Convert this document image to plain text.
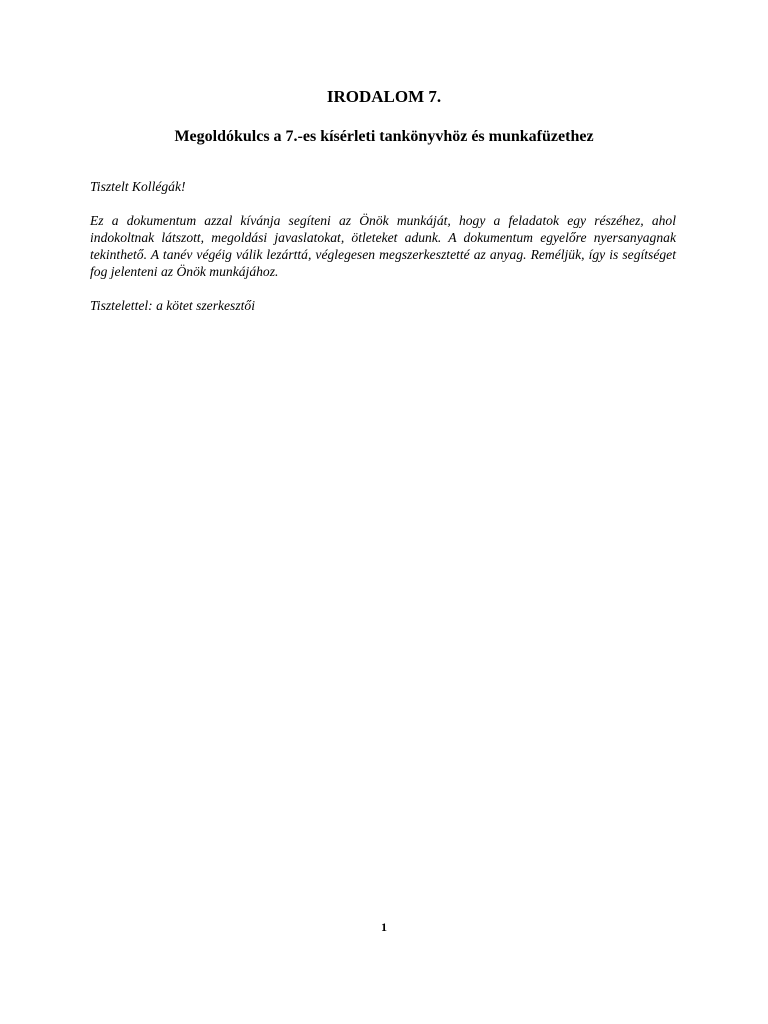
IRODALOM 7.
Megoldókulcs a 7.-es kísérleti tankönyvhöz és munkafüzethez
Tisztelt Kollégák!
Ez a dokumentum azzal kívánja segíteni az Önök munkáját, hogy a feladatok egy részéhez, ahol indokoltnak látszott, megoldási javaslatokat, ötleteket adunk. A dokumentum egyelőre nyersanyagnak tekinthető. A tanév végéig válik lezárttá, véglegesen megszerkesztetté az anyag. Reméljük, így is segítséget fog jelenteni az Önök munkájához.
Tisztelettel: a kötet szerkesztői
1
